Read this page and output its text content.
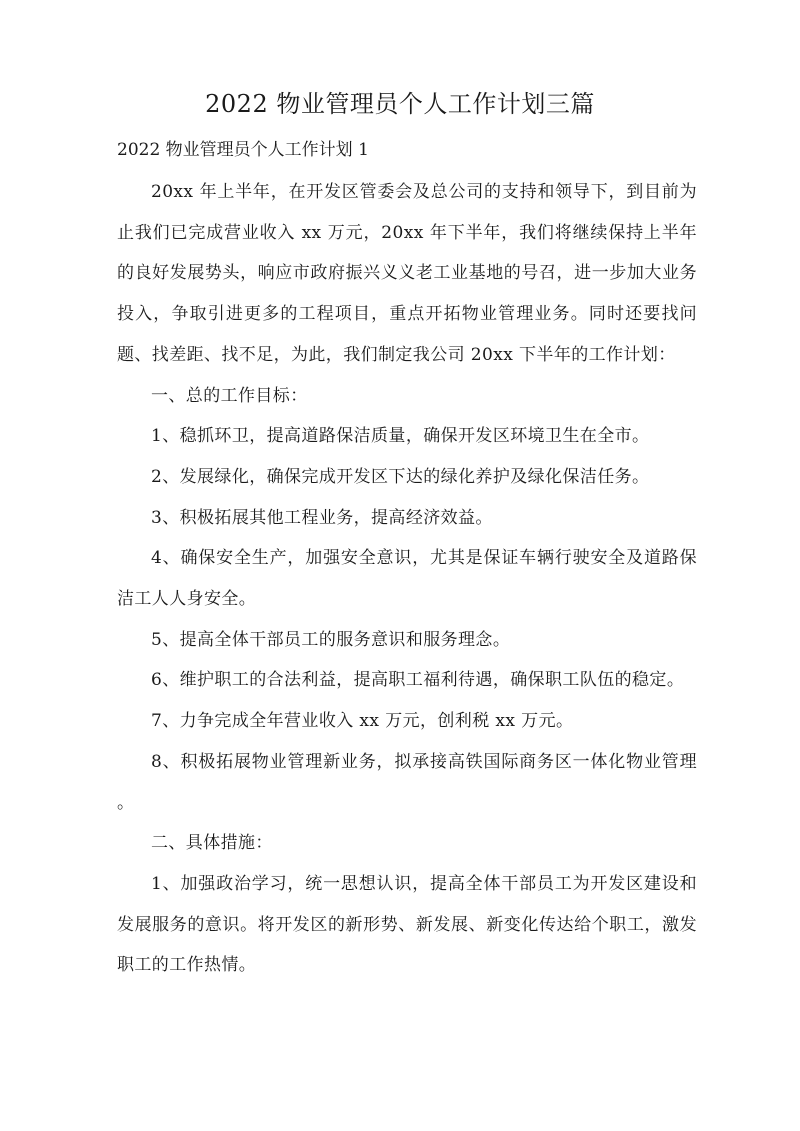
2022 物业管理员个人工作计划三篇
2022 物业管理员个人工作计划 1

20xx 年上半年，在开发区管委会及总公司的支持和领导下，到目前为止我们已完成营业收入 xx 万元，20xx 年下半年，我们将继续保持上半年的良好发展势头，响应市政府振兴义义老工业基地的号召，进一步加大业务投入，争取引进更多的工程项目，重点开拓物业管理业务。同时还要找问题、找差距、找不足，为此，我们制定我公司 20xx 下半年的工作计划：

一、总的工作目标：

1、稳抓环卫，提高道路保洁质量，确保开发区环境卫生在全市。

2、发展绿化，确保完成开发区下达的绿化养护及绿化保洁任务。

3、积极拓展其他工程业务，提高经济效益。

4、确保安全生产，加强安全意识，尤其是保证车辆行驶安全及道路保洁工人人身安全。

5、提高全体干部员工的服务意识和服务理念。

6、维护职工的合法利益，提高职工福利待遇，确保职工队伍的稳定。

7、力争完成全年营业收入 xx 万元，创利税 xx 万元。

8、积极拓展物业管理新业务，拟承接高铁国际商务区一体化物业管理

。

二、具体措施：

1、加强政治学习，统一思想认识，提高全体干部员工为开发区建设和发展服务的意识。将开发区的新形势、新发展、新变化传达给个职工，激发职工的工作热情。
